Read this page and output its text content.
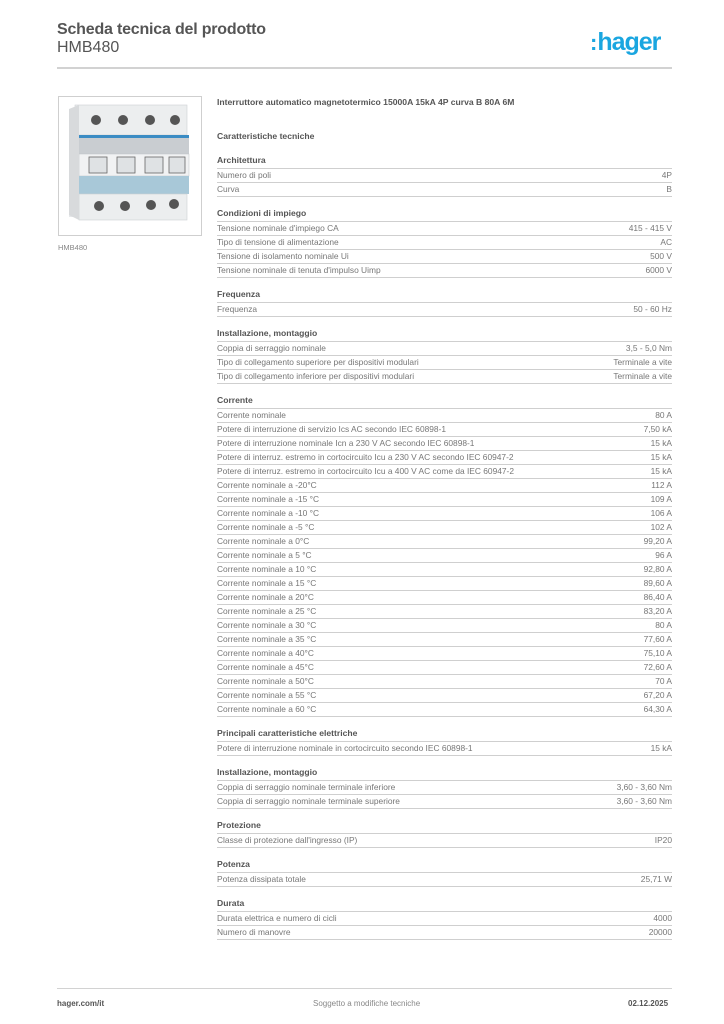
Scheda tecnica del prodotto
HMB480	:hager
HMB480
Interruttore automatico magnetotermico 15000A 15kA 4P curva B 80A 6M
Caratteristiche tecniche
Architettura
Numero di poli	4P
Curva	B
Condizioni di impiego
Tensione nominale d'impiego CA	415 - 415 V
Tipo di tensione di alimentazione	AC
Tensione di isolamento nominale Ui	500 V
Tensione nominale di tenuta d'impulso Uimp	6000 V
Frequenza
Frequenza	50 - 60 Hz
Installazione, montaggio
Coppia di serraggio nominale	3,5 - 5,0 Nm
Tipo di collegamento superiore per dispositivi modulari	Terminale a vite
Tipo di collegamento inferiore per dispositivi modulari	Terminale a vite
Corrente
Corrente nominale	80 A
Potere di interruzione di servizio Ics AC secondo IEC 60898-1	7,50 kA
Potere di interruzione nominale Icn a 230 V AC secondo IEC 60898-1	15 kA
Potere di interruz. estremo in cortocircuito Icu a 230 V AC secondo IEC 60947-2	15 kA
Potere di interruz. estremo in cortocircuito Icu a 400 V AC come da IEC 60947-2	15 kA
Corrente nominale a -20°C	112 A
Corrente nominale a -15 °C	109 A
Corrente nominale a -10 °C	106 A
Corrente nominale a -5 °C	102 A
Corrente nominale a 0°C	99,20 A
Corrente nominale a 5 °C	96 A
Corrente nominale a 10 °C	92,80 A
Corrente nominale a 15 °C	89,60 A
Corrente nominale a 20°C	86,40 A
Corrente nominale a 25 °C	83,20 A
Corrente nominale a 30 °C	80 A
Corrente nominale a 35 °C	77,60 A
Corrente nominale a 40°C	75,10 A
Corrente nominale a 45°C	72,60 A
Corrente nominale a 50°C	70 A
Corrente nominale a 55 °C	67,20 A
Corrente nominale a 60 °C	64,30 A
Principali caratteristiche elettriche
Potere di interruzione nominale in cortocircuito secondo IEC 60898-1	15 kA
Installazione, montaggio
Coppia di serraggio nominale terminale inferiore	3,60 - 3,60 Nm
Coppia di serraggio nominale terminale superiore	3,60 - 3,60 Nm
Protezione
Classe di protezione dall'ingresso (IP)	IP20
Potenza
Potenza dissipata totale	25,71 W
Durata
Durata elettrica e numero di cicli	4000
Numero di manovre	20000
hager.com/it	Soggetto a modifiche tecniche	02.12.2025
